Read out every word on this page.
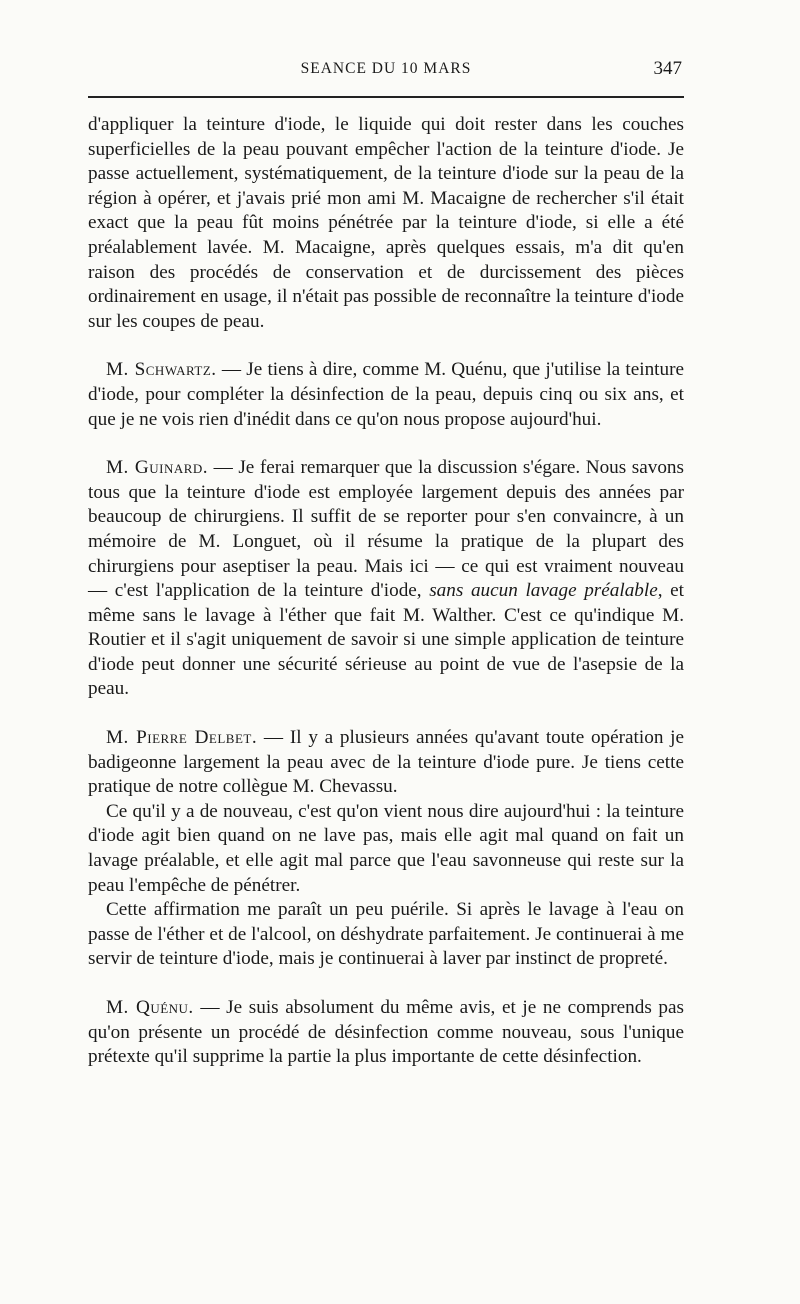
SEANCE DU 10 MARS	347

d'appliquer la teinture d'iode, le liquide qui doit rester dans les couches superficielles de la peau pouvant empêcher l'action de la teinture d'iode. Je passe actuellement, systématiquement, de la teinture d'iode sur la peau de la région à opérer, et j'avais prié mon ami M. Macaigne de rechercher s'il était exact que la peau fût moins pénétrée par la teinture d'iode, si elle a été préalablement lavée. M. Macaigne, après quelques essais, m'a dit qu'en raison des procédés de conservation et de durcissement des pièces ordinairement en usage, il n'était pas possible de reconnaître la teinture d'iode sur les coupes de peau.

M. Schwartz. — Je tiens à dire, comme M. Quénu, que j'utilise la teinture d'iode, pour compléter la désinfection de la peau, depuis cinq ou six ans, et que je ne vois rien d'inédit dans ce qu'on nous propose aujourd'hui.

M. Guinard. — Je ferai remarquer que la discussion s'égare. Nous savons tous que la teinture d'iode est employée largement depuis des années par beaucoup de chirurgiens. Il suffit de se reporter pour s'en convaincre, à un mémoire de M. Longuet, où il résume la pratique de la plupart des chirurgiens pour aseptiser la peau. Mais ici — ce qui est vraiment nouveau — c'est l'application de la teinture d'iode, sans aucun lavage préalable, et même sans le lavage à l'éther que fait M. Walther. C'est ce qu'indique M. Routier et il s'agit uniquement de savoir si une simple application de teinture d'iode peut donner une sécurité sérieuse au point de vue de l'asepsie de la peau.

M. Pierre Delbet. — Il y a plusieurs années qu'avant toute opération je badigeonne largement la peau avec de la teinture d'iode pure. Je tiens cette pratique de notre collègue M. Chevassu.

Ce qu'il y a de nouveau, c'est qu'on vient nous dire aujourd'hui : la teinture d'iode agit bien quand on ne lave pas, mais elle agit mal quand on fait un lavage préalable, et elle agit mal parce que l'eau savonneuse qui reste sur la peau l'empêche de pénétrer.

Cette affirmation me paraît un peu puérile. Si après le lavage à l'eau on passe de l'éther et de l'alcool, on déshydrate parfaitement. Je continuerai à me servir de teinture d'iode, mais je continuerai à laver par instinct de propreté.

M. Quénu. — Je suis absolument du même avis, et je ne comprends pas qu'on présente un procédé de désinfection comme nouveau, sous l'unique prétexte qu'il supprime la partie la plus importante de cette désinfection.
